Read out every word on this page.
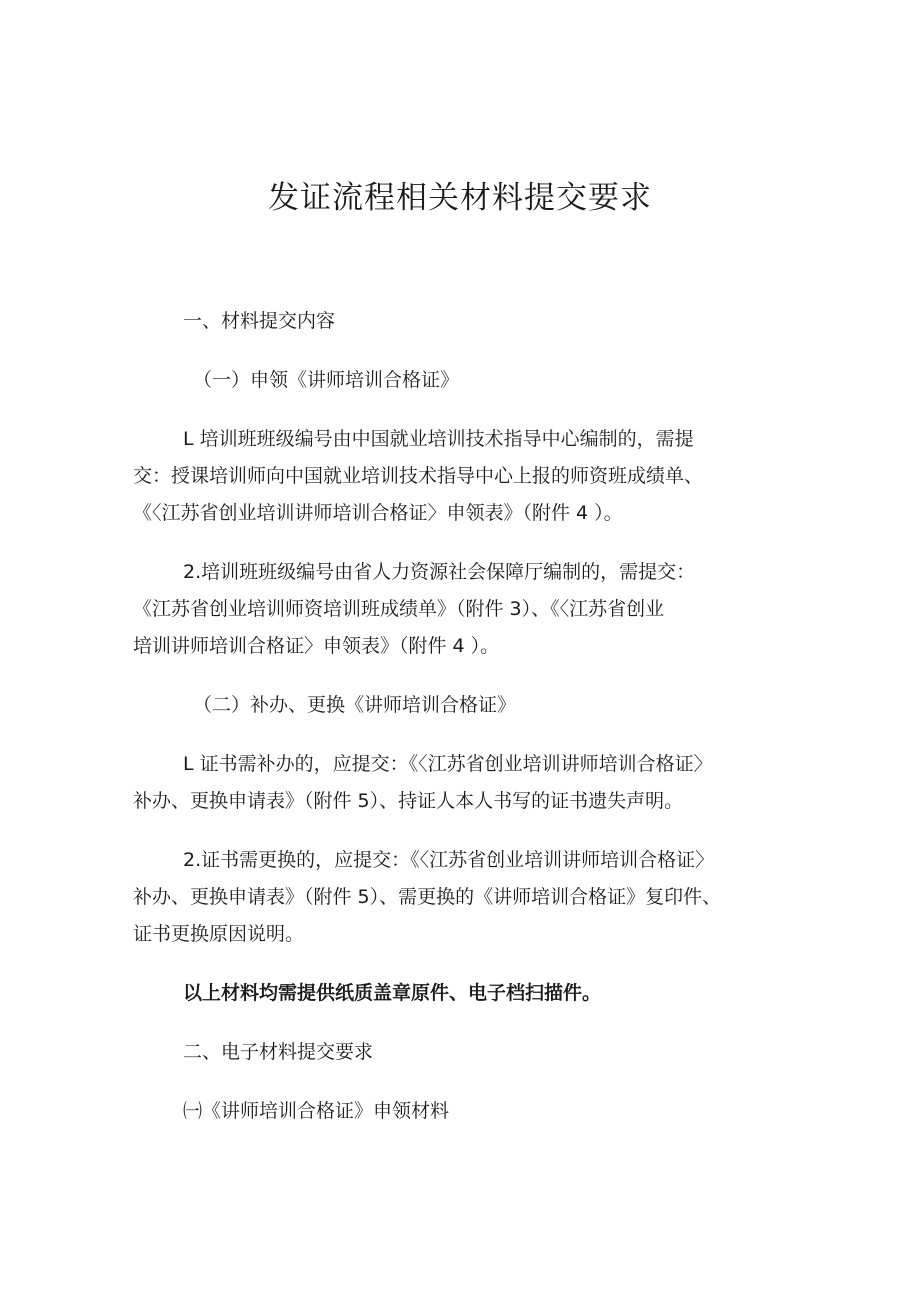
发证流程相关材料提交要求

一、材料提交内容

（一）申领《讲师培训合格证》

L 培训班班级编号由中国就业培训技术指导中心编制的，需提
交：授课培训师向中国就业培训技术指导中心上报的师资班成绩单、
《〈江苏省创业培训讲师培训合格证〉申领表》（附件 4 ）。
2.培训班班级编号由省人力资源社会保障厅编制的，需提交：
《江苏省创业培训师资培训班成绩单》（附件 3）、《〈江苏省创业
培训讲师培训合格证〉申领表》（附件 4 ）。

（二）补办、更换《讲师培训合格证》

L 证书需补办的，应提交：《〈江苏省创业培训讲师培训合格证〉
补办、更换申请表》（附件 5）、持证人本人书写的证书遗失声明。
2.证书需更换的，应提交：《〈江苏省创业培训讲师培训合格证〉
补办、更换申请表》（附件 5）、需更换的《讲师培训合格证》复印件、
证书更换原因说明。

以上材料均需提供纸质盖章原件、电子档扫描件。

二、电子材料提交要求

㈠《讲师培训合格证》申领材料
